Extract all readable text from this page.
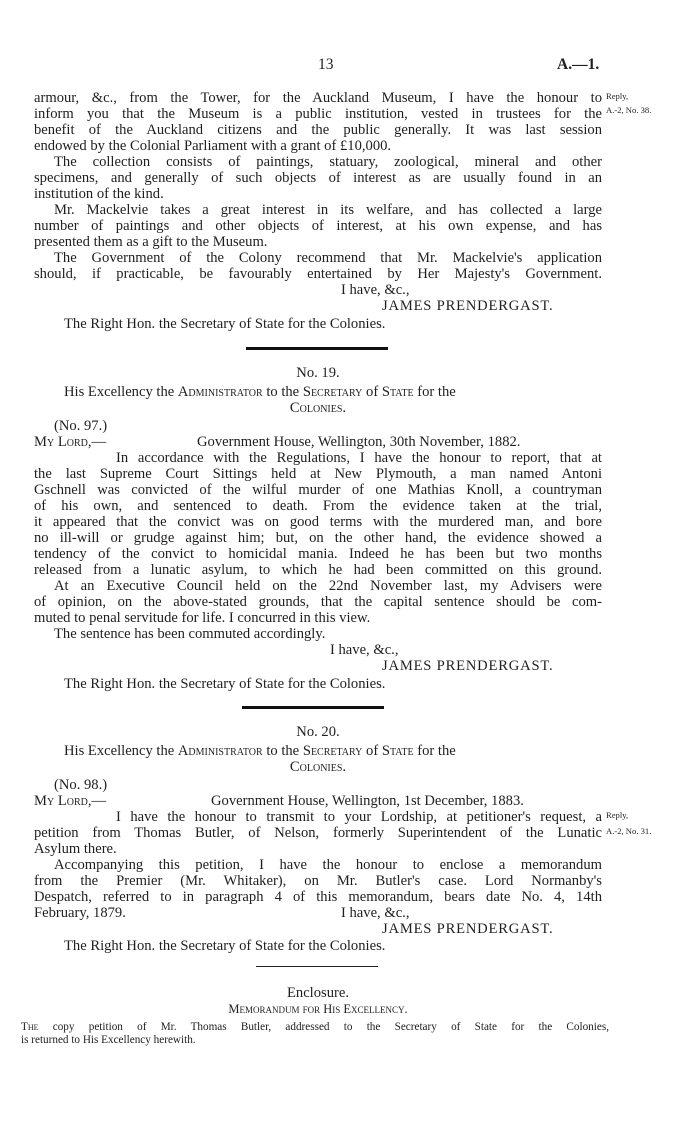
13	A.—1.
armour, &c., from the Tower, for the Auckland Museum, I have the honour to
inform you that the Museum is a public institution, vested in trustees for the
benefit of the Auckland citizens and the public generally. It was last session
endowed by the Colonial Parliament with a grant of £10,000.
The collection consists of paintings, statuary, zoological, mineral and other
specimens, and generally of such objects of interest as are usually found in an
institution of the kind.
Mr. Mackelvie takes a great interest in its welfare, and has collected a large
number of paintings and other objects of interest, at his own expense, and has
presented them as a gift to the Museum.
The Government of the Colony recommend that Mr. Mackelvie's application
should, if practicable, be favourably entertained by Her Majesty's Government.
Reply,
A.-2, No. 38.
I have, &c.,
JAMES PRENDERGAST.
The Right Hon. the Secretary of State for the Colonies.
No. 19.
His Excellency the Administrator to the Secretary of State for the
Colonies.
(No. 97.)
My Lord,—	Government House, Wellington, 30th November, 1882.
In accordance with the Regulations, I have the honour to report, that at
the last Supreme Court Sittings held at New Plymouth, a man named Antoni
Gschnell was convicted of the wilful murder of one Mathias Knoll, a countryman
of his own, and sentenced to death. From the evidence taken at the trial,
it appeared that the convict was on good terms with the murdered man, and bore
no ill-will or grudge against him; but, on the other hand, the evidence showed a
tendency of the convict to homicidal mania. Indeed he has been but two months
released from a lunatic asylum, to which he had been committed on this ground.
At an Executive Council held on the 22nd November last, my Advisers were
of opinion, on the above-stated grounds, that the capital sentence should be com-
muted to penal servitude for life. I concurred in this view.
The sentence has been commuted accordingly.
I have, &c.,
JAMES PRENDERGAST.
The Right Hon. the Secretary of State for the Colonies.
No. 20.
His Excellency the Administrator to the Secretary of State for the
Colonies.
(No. 98.)
My Lord,—	Government House, Wellington, 1st December, 1883.
I have the honour to transmit to your Lordship, at petitioner's request, a
petition from Thomas Butler, of Nelson, formerly Superintendent of the Lunatic
Asylum there.
Accompanying this petition, I have the honour to enclose a memorandum
from the Premier (Mr. Whitaker), on Mr. Butler's case. Lord Normanby's
Despatch, referred to in paragraph 4 of this memorandum, bears date No. 4, 14th
February, 1879.
Reply,
A.-2, No. 31.
I have, &c.,
JAMES PRENDERGAST.
The Right Hon. the Secretary of State for the Colonies.
Enclosure.
Memorandum for His Excellency.
The copy petition of Mr. Thomas Butler, addressed to the Secretary of State for the Colonies,
is returned to His Excellency herewith.
